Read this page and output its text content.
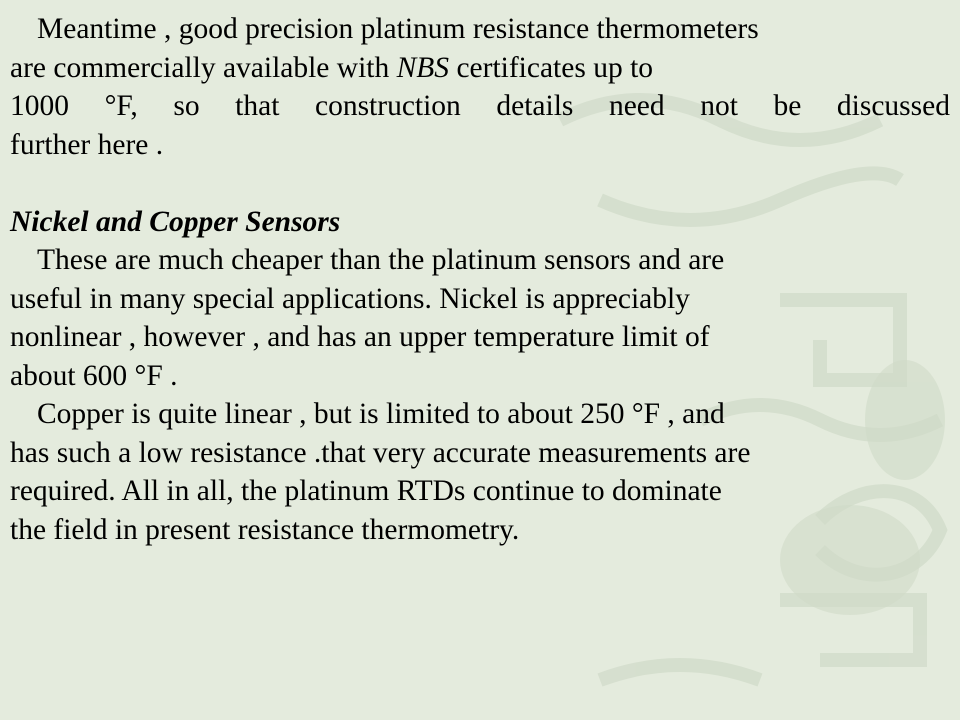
Meantime , good precision platinum resistance thermometers
are commercially available with NBS certificates up to
1000 °F, so that construction details need not be discussed
further here .
Nickel and Copper Sensors
These are much cheaper than the platinum sensors and are
useful in many special applications. Nickel is appreciably
nonlinear , however , and has an upper temperature limit of
about 600 °F .
Copper is quite linear , but is limited to about 250 °F , and
has such a low resistance .that very accurate measurements are
required. All in all, the platinum RTDs continue to dominate
the field in present resistance thermometry.
